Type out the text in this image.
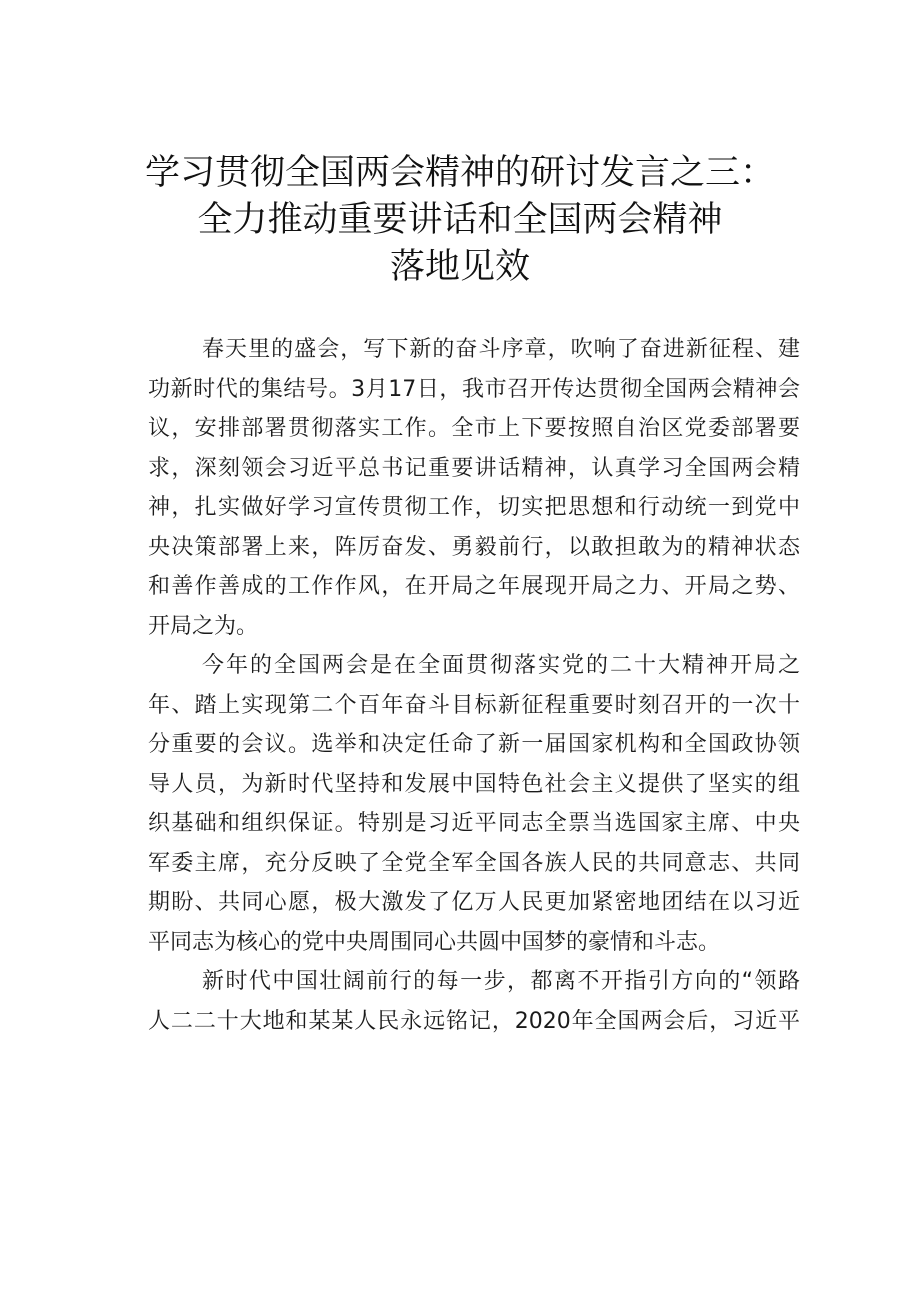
学习贯彻全国两会精神的研讨发言之三：
全力推动重要讲话和全国两会精神
落地见效
春天里的盛会，写下新的奋斗序章，吹响了奋进新征程、建
功新时代的集结号。3月17日，我市召开传达贯彻全国两会精神会
议，安排部署贯彻落实工作。全市上下要按照自治区党委部署要
求，深刻领会习近平总书记重要讲话精神，认真学习全国两会精
神，扎实做好学习宣传贯彻工作，切实把思想和行动统一到党中
央决策部署上来，阵厉奋发、勇毅前行，以敢担敢为的精神状态
和善作善成的工作作风，在开局之年展现开局之力、开局之势、
开局之为。
今年的全国两会是在全面贯彻落实党的二十大精神开局之
年、踏上实现第二个百年奋斗目标新征程重要时刻召开的一次十
分重要的会议。选举和决定任命了新一届国家机构和全国政协领
导人员，为新时代坚持和发展中国特色社会主义提供了坚实的组
织基础和组织保证。特别是习近平同志全票当选国家主席、中央
军委主席，充分反映了全党全军全国各族人民的共同意志、共同
期盼、共同心愿，极大激发了亿万人民更加紧密地团结在以习近
平同志为核心的党中央周围同心共圆中国梦的豪情和斗志。
新时代中国壮阔前行的每一步，都离不开指引方向的“领路
人二二十大地和某某人民永远铭记，2020年全国两会后，习近平
